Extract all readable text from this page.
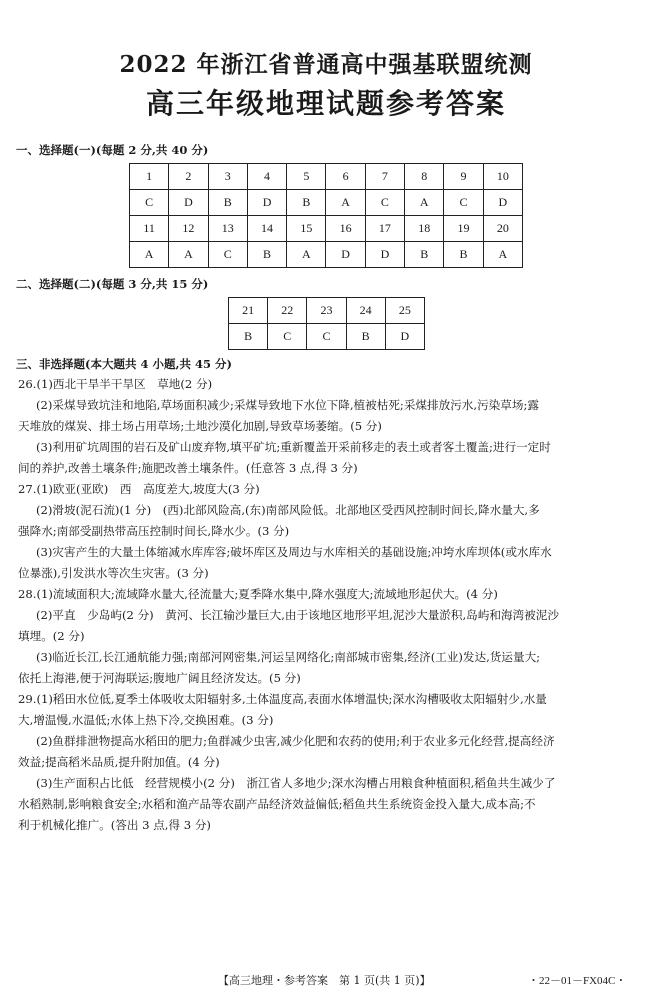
2022 年浙江省普通高中强基联盟统测
高三年级地理试题参考答案
一、选择题(一)(每题 2 分,共 40 分)
1	2	3	4	5	6	7	8	9	10
C	D	B	D	B	A	C	A	C	D
11	12	13	14	15	16	17	18	19	20
A	A	C	B	A	D	D	B	B	A
二、选择题(二)(每题 3 分,共 15 分)
21	22	23	24	25
B	C	C	B	D
三、非选择题(本大题共 4 小题,共 45 分)

26.(1)西北干旱半干旱区　草地(2 分)

(2)采煤导致坑洼和地陷,草场面积减少;采煤导致地下水位下降,植被枯死;采煤排放污水,污染草场;露

天堆放的煤炭、排土场占用草场;土地沙漠化加剧,导致草场萎缩。(5 分)

(3)利用矿坑周围的岩石及矿山废弃物,填平矿坑;重新覆盖开采前移走的表土或者客土覆盖;进行一定时

间的养护,改善土壤条件;施肥改善土壤条件。(任意答 3 点,得 3 分)

27.(1)欧亚(亚欧)　西　高度差大,坡度大(3 分)

(2)滑坡(泥石流)(1 分)　(西)北部风险高,(东)南部风险低。北部地区受西风控制时间长,降水量大,多

强降水;南部受副热带高压控制时间长,降水少。(3 分)

(3)灾害产生的大量土体缩减水库库容;破坏库区及周边与水库相关的基础设施;冲垮水库坝体(或水库水

位暴涨),引发洪水等次生灾害。(3 分)

28.(1)流域面积大;流域降水量大,径流量大;夏季降水集中,降水强度大;流域地形起伏大。(4 分)

(2)平直　少岛屿(2 分)　黄河、长江输沙量巨大,由于该地区地形平坦,泥沙大量淤积,岛屿和海湾被泥沙

填埋。(2 分)

(3)临近长江,长江通航能力强;南部河网密集,河运呈网络化;南部城市密集,经济(工业)发达,货运量大;

依托上海港,便于河海联运;腹地广阔且经济发达。(5 分)

29.(1)稻田水位低,夏季土体吸收太阳辐射多,土体温度高,表面水体增温快;深水沟槽吸收太阳辐射少,水量

大,增温慢,水温低;水体上热下冷,交换困难。(3 分)

(2)鱼群排泄物提高水稻田的肥力;鱼群减少虫害,减少化肥和农药的使用;利于农业多元化经营,提高经济

效益;提高稻米品质,提升附加值。(4 分)

(3)生产面积占比低　经营规模小(2 分)　浙江省人多地少;深水沟槽占用粮食种植面积,稻鱼共生减少了

水稻熟制,影响粮食安全;水稻和渔产品等农副产品经济效益偏低;稻鱼共生系统资金投入量大,成本高;不

利于机械化推广。(答出 3 点,得 3 分)

【高三地理・参考答案　第 1 页(共 1 页)】	・22－01－FX04C・
